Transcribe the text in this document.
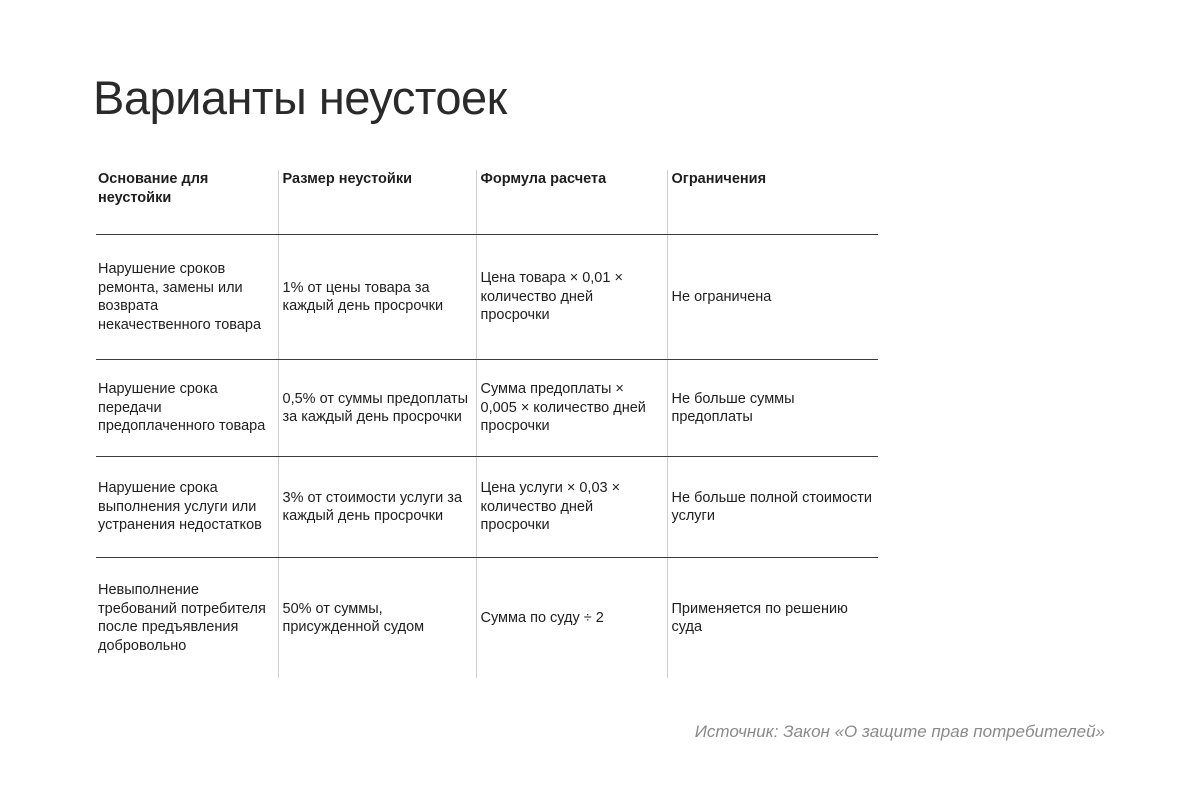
Варианты неустоек
Основание для неустойки	Размер неустойки	Формула расчета	Ограничения
Нарушение сроков ремонта, замены или возврата некачественного товара	1% от цены товара за каждый день просрочки	Цена товара × 0,01 × количество дней просрочки	Не ограничена
Нарушение срока передачи предоплаченного товара	0,5% от суммы предоплаты за каждый день просрочки	Сумма предоплаты × 0,005 × количество дней просрочки	Не больше суммы предоплаты
Нарушение срока выполнения услуги или устранения недостатков	3% от стоимости услуги за каждый день просрочки	Цена услуги × 0,03 × количество дней просрочки	Не больше полной стоимости услуги
Невыполнение требований потребителя после предъявления добровольно	50% от суммы, присужденной судом	Сумма по суду ÷ 2	Применяется по решению суда

Источник: Закон «О защите прав потребителей»
